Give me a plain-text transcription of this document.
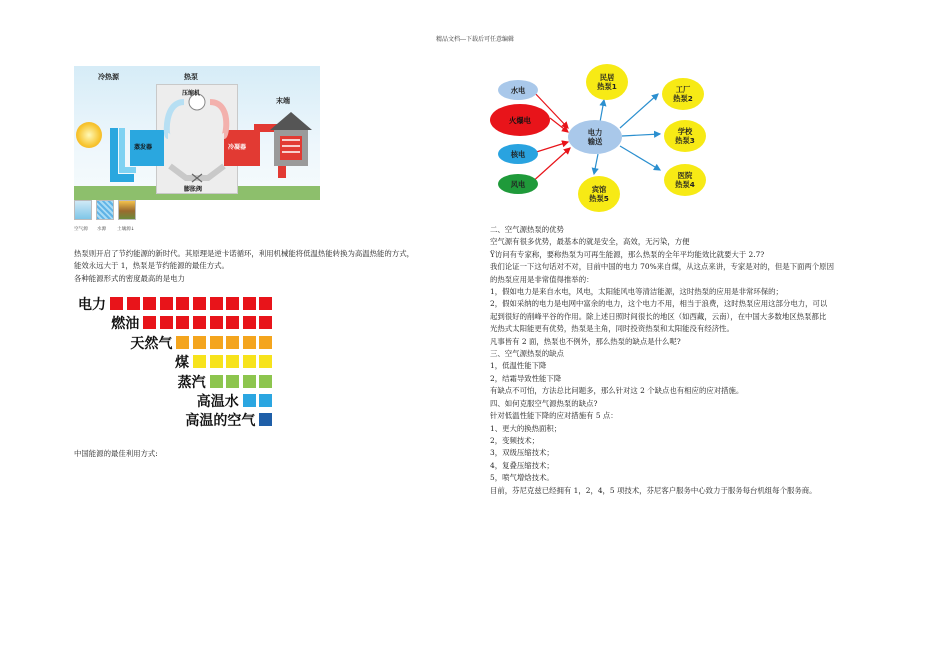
精品文档---下载后可任意编辑
冷热源	热泵
压缩机
末端
蒸发器	冷凝器
膨胀阀
空气源 水源 土壤源↓
热泵则开启了节约能源的新时代。其原理是逆卡诺循环，利用机械能将低温热能转换为高温热能的方式，
能效永远大于 1，热泵是节约能源的最佳方式。
各种能源形式的密度最高的是电力
电力
燃油
天然气
煤
蒸汽
高温水
高温的空气
中国能源的最佳利用方式:
电力
输送
水电
火爆电
核电
风电
民居
热泵1	工厂
热泵2
学校
热泵3
医院
热泵4
宾馆
热泵5
二、空气源热泵的优势
空气源有很多优势，最基本的就是安全，高效，无污染，方便
Ÿ访问有专家称，要称热泵为可再生能源，那么热泵的全年平均能效比就要大于 2.7?
我们论证一下这句话对不对，目前中国的电力 70%来自煤，从这点来讲，专家是对的，但是下面两个原因
的热泵应用是非常值得推举的：
1，假如电力是来自水电，风电，太阳能风电等清洁能源，这时热泵的应用是非常环保的；
2，假如采纳的电力是电网中富余的电力，这个电力不用，相当于浪费，这时热泵应用这部分电力，可以
起到很好的削峰平谷的作用。除上述日照时间很长的地区（如西藏，云南），在中国大多数地区热泵都比
光热式太阳能更有优势，热泵是主角，同时投资热泵和太阳能没有经济性。
凡事皆有 2 面，热泵也不例外，那么热泵的缺点是什么呢?
三、空气源热泵的缺点
1，低温性能下降
2，结霜导致性能下降
有缺点不可怕，方法总比问题多，那么针对这 2 个缺点也有相应的应对措施。
四、如何克服空气源热泵的缺点?
针对低温性能下降的应对措施有 5 点：
1、更大的换热面积；
2，变频技术；
3，双级压缩技术；
4，复叠压缩技术；
5，喷气增焓技术。
目前，芬尼克兹已经拥有 1，2，4，5 项技术，芬尼客户服务中心致力于服务每台机组每个服务商。
